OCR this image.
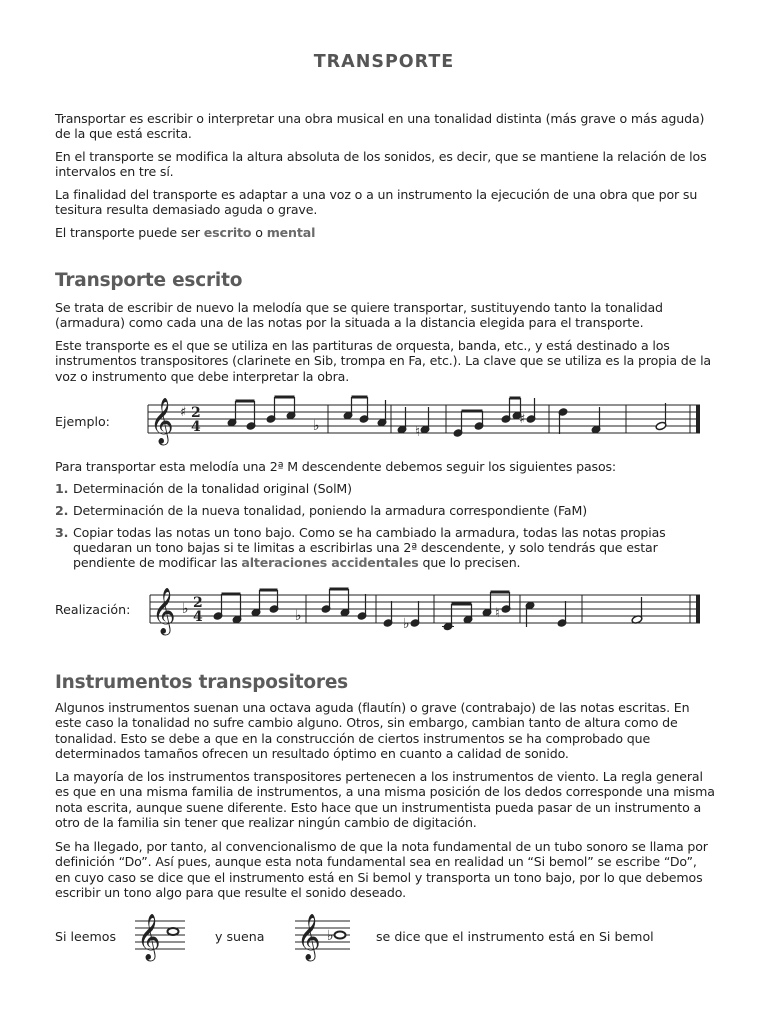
TRANSPORTE
Transportar es escribir o interpretar una obra musical en una tonalidad distinta (más grave o más aguda) de la que está escrita.
En el transporte se modifica la altura absoluta de los sonidos, es decir, que se mantiene la relación de los intervalos en tre sí.
La finalidad del transporte es adaptar a una voz o a un instrumento la ejecución de una obra que por su tesitura resulta demasiado aguda o grave.
El transporte puede ser escrito o mental
Transporte escrito
Se trata de escribir de nuevo la melodía que se quiere transportar, sustituyendo tanto la tonalidad (armadura) como cada una de las notas por la situada a la distancia elegida para el transporte.
Este transporte es el que se utiliza en las partituras de orquesta, banda, etc., y está destinado a los instrumentos transpositores (clarinete en Sib, trompa en Fa, etc.). La clave que se utiliza es la propia de la voz o instrumento que debe interpretar la obra.
Ejemplo: 𝄞 ♯ 2
4	♭	♮
♯
Para transportar esta melodía una 2ª M descendente debemos seguir los siguientes pasos:
1. Determinación de la tonalidad original (SolM)
2. Determinación de la nueva tonalidad, poniendo la armadura correspondiente (FaM)
3. Copiar todas las notas un tono bajo. Como se ha cambiado la armadura, todas las notas propias quedaran un tono bajas si te limitas a escribirlas una 2ª descendente, y solo tendrás que estar pendiente de modificar las alteraciones accidentales que lo precisen.
Realización: 𝄞 ♭ 2
4	♭	♭
♮
Instrumentos transpositores
Algunos instrumentos suenan una octava aguda (flautín) o grave (contrabajo) de las notas escritas. En este caso la tonalidad no sufre cambio alguno. Otros, sin embargo, cambian tanto de altura como de tonalidad. Esto se debe a que en la construcción de ciertos instrumentos se ha comprobado que determinados tamaños ofrecen un resultado óptimo en cuanto a calidad de sonido.
La mayoría de los instrumentos transpositores pertenecen a los instrumentos de viento. La regla general es que en una misma familia de instrumentos, a una misma posición de los dedos corresponde una misma nota escrita, aunque suene diferente. Esto hace que un instrumentista pueda pasar de un instrumento a otro de la familia sin tener que realizar ningún cambio de digitación.
Se ha llegado, por tanto, al convencionalismo de que la nota fundamental de un tubo sonoro se llama por definición “Do”. Así pues, aunque esta nota fundamental sea en realidad un “Si bemol” se escribe “Do”, en cuyo caso se dice que el instrumento está en Si bemol y transporta un tono bajo, por lo que debemos escribir un tono algo para que resulte el sonido deseado.
Si leemos 𝄞	y suena 𝄞 ♭	se dice que el instrumento está en Si bemol
